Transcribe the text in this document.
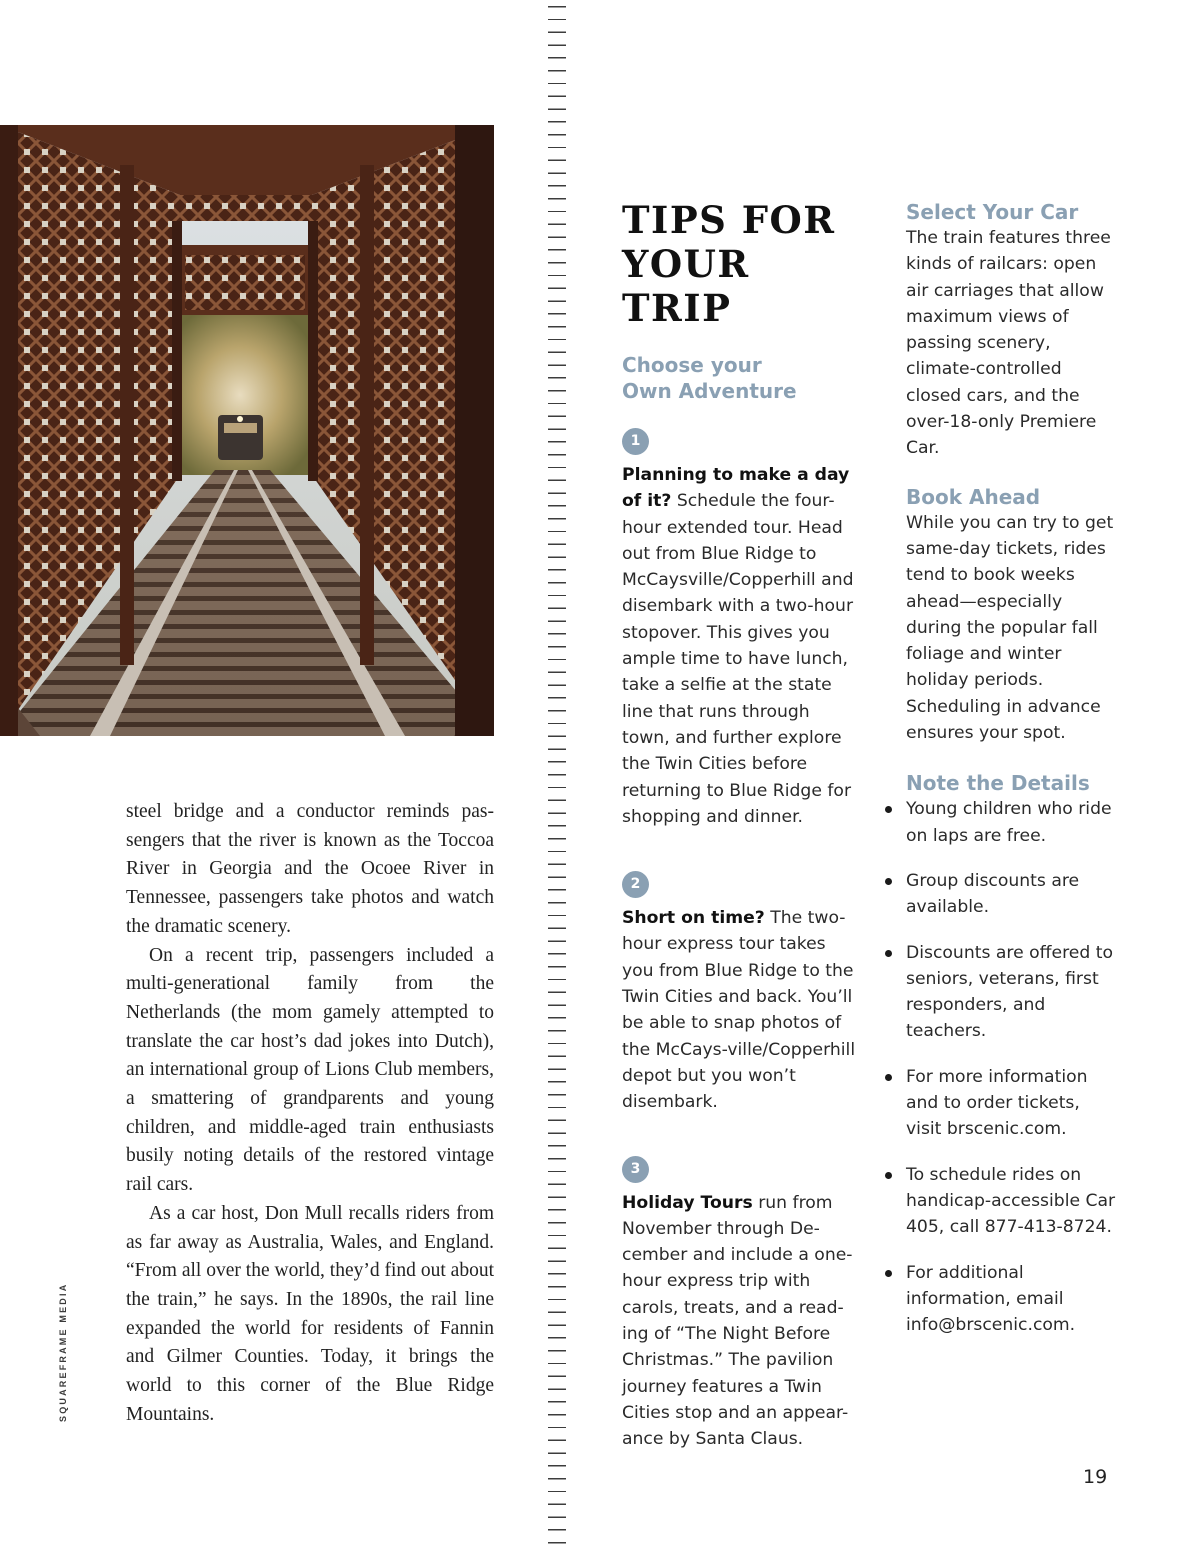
SQUAREFRAME MEDIA

steel bridge and a conductor reminds passengers that the river is known as the Toccoa River in Georgia and the Ocoee River in Tennessee, passengers take photos and watch the dramatic scenery.

On a recent trip, passengers included a multi-generational family from the Netherlands (the mom gamely attempted to translate the car host’s dad jokes into Dutch), an international group of Lions Club members, a smattering of grandparents and young children, and middle-aged train enthusiasts busily noting details of the restored vintage rail cars.

As a car host, Don Mull recalls riders from as far away as Australia, Wales, and England. “From all over the world, they’d find out about the train,” he says. In the 1890s, the rail line expanded the world for residents of Fannin and Gilmer Counties. Today, it brings the world to this corner of the Blue Ridge Mountains.

TIPS FOR
YOUR TRIP
Choose your
Own Adventure
1

Planning to make a day of it? Schedule the four-hour extended tour. Head out from Blue Ridge to McCaysville/Copperhill and disembark with a two-hour stopover. This gives you ample time to have lunch, take a selfie at the state line that runs through town, and further explore the Twin Cities before returning to Blue Ridge for shopping and dinner.

2

Short on time? The two-hour express tour takes you from Blue Ridge to the Twin Cities and back. You’ll be able to snap photos of the McCays-ville/Copperhill depot but you won’t disembark.

3

Holiday Tours run from November through De-cember and include a one-hour express trip with carols, treats, and a read-ing of “The Night Before Christmas.” The pavilion journey features a Twin Cities stop and an appear-ance by Santa Claus.

Select Your Car

The train features three kinds of railcars: open air carriages that allow maximum views of passing scenery, climate-controlled closed cars, and the over-18-only Premiere Car.

Book Ahead

While you can try to get same-day tickets, rides tend to book weeks ahead—especially during the popular fall foliage and winter holiday periods. Scheduling in advance ensures your spot.

Note the Details
Young children who ride on laps are free.
Group discounts are available.
Discounts are offered to seniors, veterans, first responders, and teachers.
For more information and to order tickets, visit brscenic.com.
To schedule rides on handicap-accessible Car 405, call 877-413-8724.
For additional information, email info@brscenic.com.
19
